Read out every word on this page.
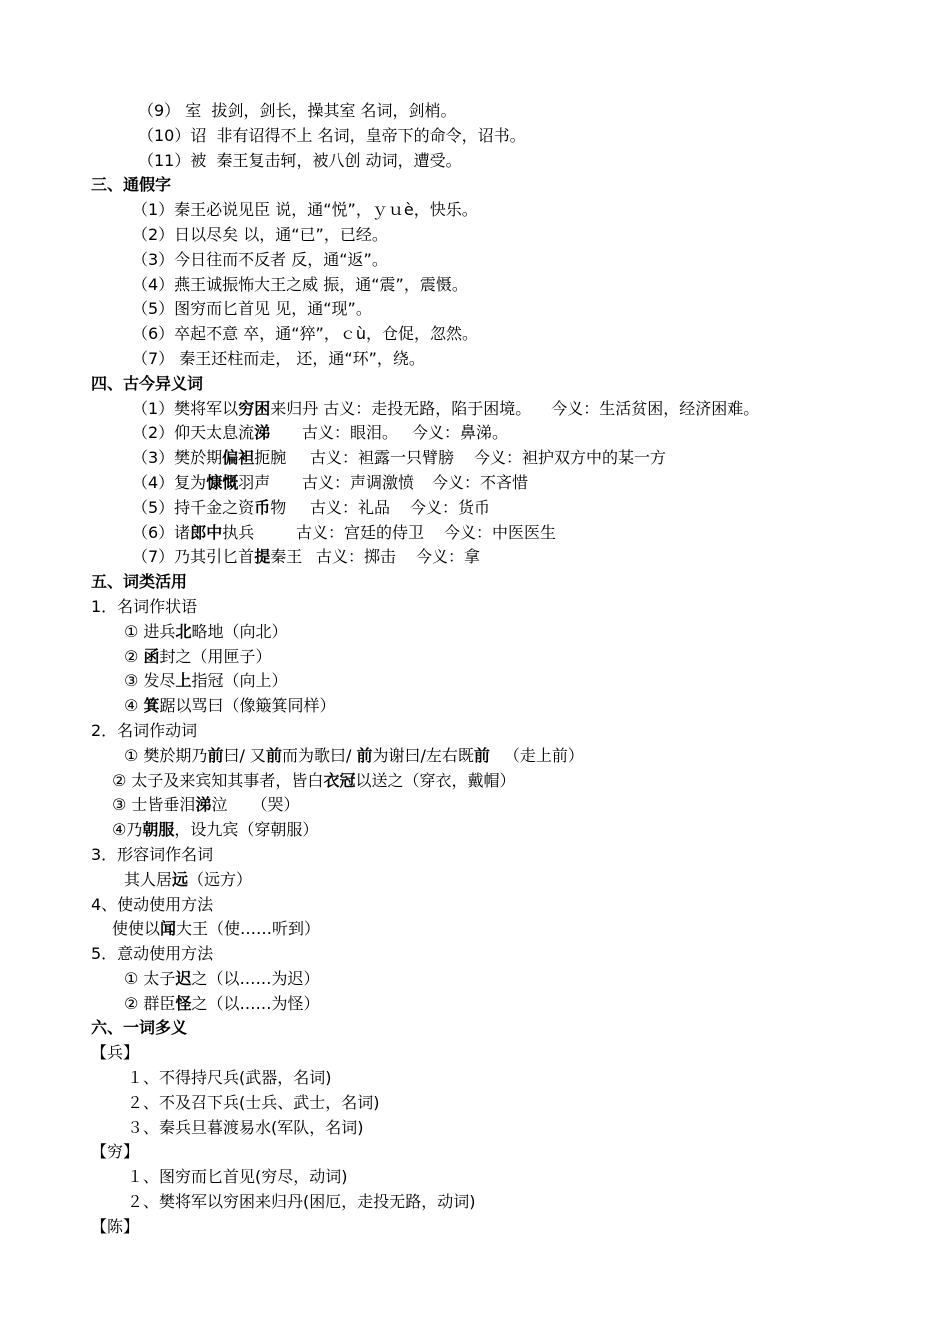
（9） 室  拔剑，剑长，操其室 名词，剑梢。
（10）诏  非有诏得不上 名词，皇帝下的命令，诏书。
（11）被  秦王复击轲，被八创 动词，遭受。
三、通假字
（1）秦王必说见臣 说，通“悦”，ｙｕè，快乐。
（2）日以尽矣 以，通“已”，已经。
（3）今日往而不反者 反，通“返”。
（4）燕王诚振怖大王之威 振，通“震”，震慑。
（5）图穷而匕首见 见，通“现”。
（6）卒起不意 卒，通“猝”，ｃù，仓促，忽然。
（7） 秦王还柱而走， 还，通“环”，绕。
四、古今异义词
（1）樊将军以穷困来归丹 古义：走投无路，陷于困境。 今义：生活贫困，经济困难。
（2）仰天太息流涕 古义：眼泪。 今义：鼻涕。
（3）樊於期偏袒扼腕 古义：袒露一只臂膀 今义：袒护双方中的某一方
（4）复为慷慨羽声 古义：声调激愤 今义：不吝惜
（5）持千金之资币物 古义：礼品 今义：货币
（6）诸郎中执兵	古义：宫廷的侍卫 今义：中医医生
（7）乃其引匕首提秦王 古义：掷击 今义：拿
五、词类活用
1．名词作状语
① 进兵北略地（向北）
② 函封之（用匣子）
③ 发尽上指冠（向上）
④ 箕踞以骂曰（像簸箕同样）
2．名词作动词
① 樊於期乃前曰/ 又前而为歌曰/ 前为谢曰/左右既前 （走上前）
② 太子及来宾知其事者，皆白衣冠以送之（穿衣，戴帽）
③ 士皆垂泪涕泣　　（哭）
④乃朝服，设九宾（穿朝服）
3．形容词作名词
其人居远（远方）
4、使动使用方法
使使以闻大王（使……听到）
5．意动使用方法
① 太子迟之（以……为迟）
② 群臣怪之（以……为怪）
六、一词多义
【兵】
１、不得持尺兵(武器，名词)
２、不及召下兵(士兵、武士，名词)
３、秦兵旦暮渡易水(军队，名词)
【穷】
１、图穷而匕首见(穷尽，动词)
２、樊将军以穷困来归丹(困厄，走投无路，动词)
【陈】
